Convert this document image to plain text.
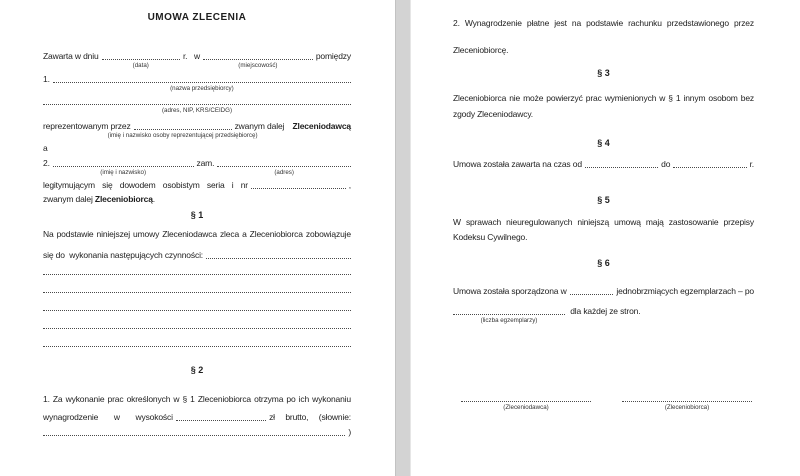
UMOWA ZLECENIA
Zawarta w dniu
(data)
r.   w
(miejscowość)
pomiędzy
1.
(nazwa przedsiębiorcy)
(adres, NIP, KRS/CEIDG)
reprezentowanym przez
(imię i nazwisko osoby reprezentującej przedsiębiorcę)
zwanym dalej Zleceniodawcą
a
2.
(imię i nazwisko)
zam.
(adres)
legitymującym się dowodem osobistym seria i nr	,
zwanym dalej Zleceniobiorcą.
§ 1
Na podstawie niniejszej umowy Zleceniodawca zleca a Zleceniobiorca zobowiązuje
się do  wykonania następujących czynności:
§ 2
1. Za wykonanie prac określonych w § 1 Zleceniobiorca otrzyma po ich wykonaniu
wynagrodzenie   w   wysokości	zł  brutto,  (słownie:
)
2. Wynagrodzenie płatne jest na podstawie rachunku przedstawionego przez
Zleceniobiorcę.
§ 3
Zleceniobiorca nie może powierzyć prac wymienionych w § 1 innym osobom bez
zgody Zleceniodawcy.
§ 4
Umowa została zawarta na czas od	do	r.
§ 5
W sprawach nieuregulowanych niniejszą umową mają zastosowanie przepisy
Kodeksu Cywilnego.
§ 6
Umowa została sporządzona w	jednobrzmiących egzemplarzach – po
(liczba egzemplarzy)
dla każdej ze stron.
(Zleceniodawca)	(Zleceniobiorca)
